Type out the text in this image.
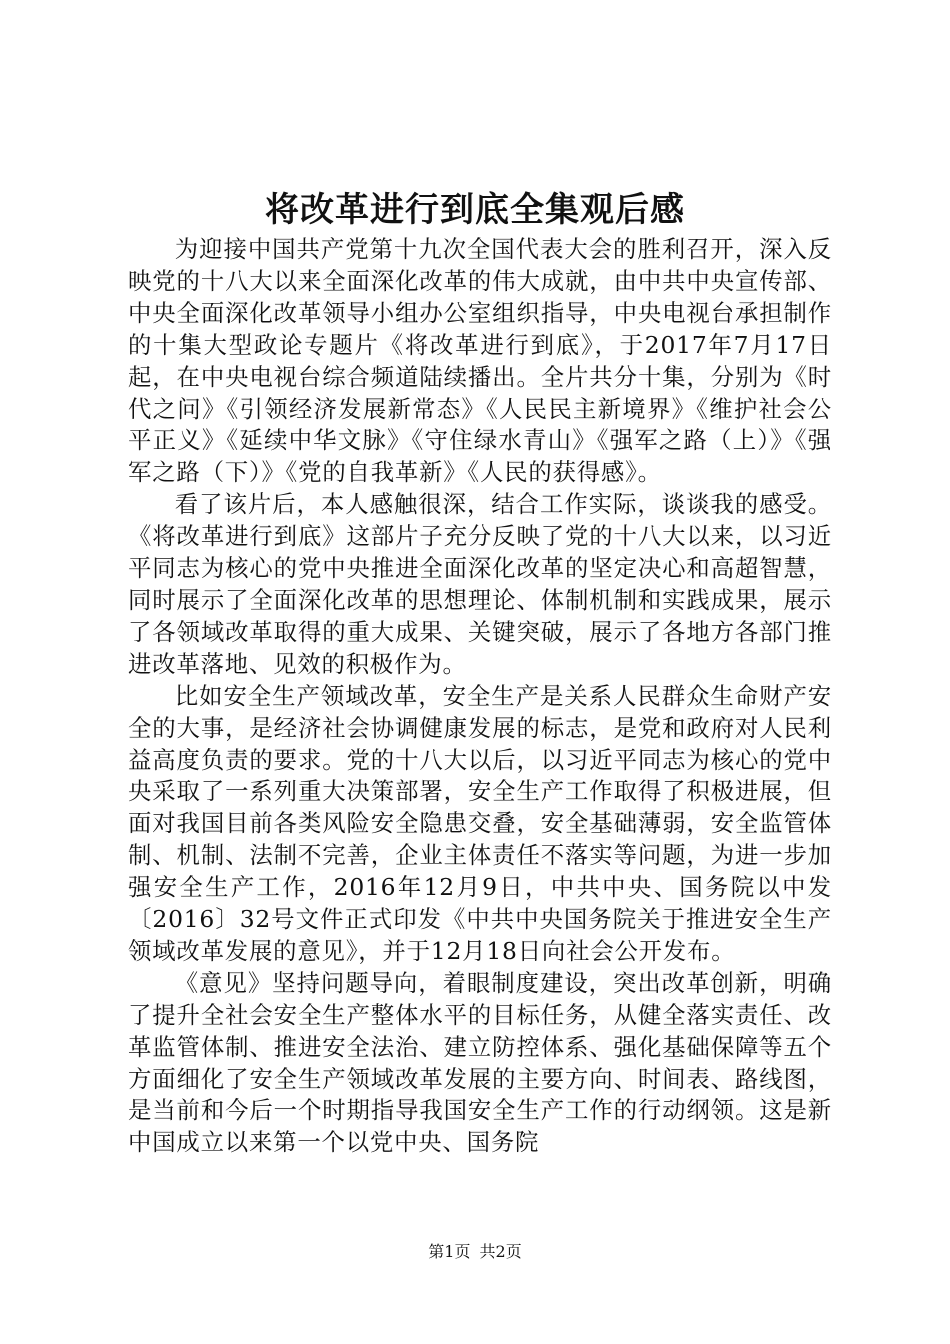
将改革进行到底全集观后感

为迎接中国共产党第十九次全国代表大会的胜利召开，深入反映党的十八大以来全面深化改革的伟大成就，由中共中央宣传部、中央全面深化改革领导小组办公室组织指导，中央电视台承担制作的十集大型政论专题片《将改革进行到底》，于2017年7月17日起，在中央电视台综合频道陆续播出。全片共分十集，分别为《时代之问》《引领经济发展新常态》《人民民主新境界》《维护社会公平正义》《延续中华文脉》《守住绿水青山》《强军之路（上）》《强军之路（下）》《党的自我革新》《人民的获得感》。

看了该片后，本人感触很深，结合工作实际，谈谈我的感受。《将改革进行到底》这部片子充分反映了党的十八大以来，以习近平同志为核心的党中央推进全面深化改革的坚定决心和高超智慧，同时展示了全面深化改革的思想理论、体制机制和实践成果，展示了各领域改革取得的重大成果、关键突破，展示了各地方各部门推进改革落地、见效的积极作为。

比如安全生产领域改革，安全生产是关系人民群众生命财产安全的大事，是经济社会协调健康发展的标志，是党和政府对人民利益高度负责的要求。党的十八大以后，以习近平同志为核心的党中央采取了一系列重大决策部署，安全生产工作取得了积极进展，但面对我国目前各类风险安全隐患交叠，安全基础薄弱，安全监管体制、机制、法制不完善，企业主体责任不落实等问题，为进一步加强安全生产工作，2016年12月9日，中共中央、国务院以中发〔2016〕32号文件正式印发《中共中央国务院关于推进安全生产领域改革发展的意见》，并于12月18日向社会公开发布。

《意见》坚持问题导向，着眼制度建设，突出改革创新，明确了提升全社会安全生产整体水平的目标任务，从健全落实责任、改革监管体制、推进安全法治、建立防控体系、强化基础保障等五个方面细化了安全生产领域改革发展的主要方向、时间表、路线图，是当前和今后一个时期指导我国安全生产工作的行动纲领。这是新中国成立以来第一个以党中央、国务院

第1页 共2页
